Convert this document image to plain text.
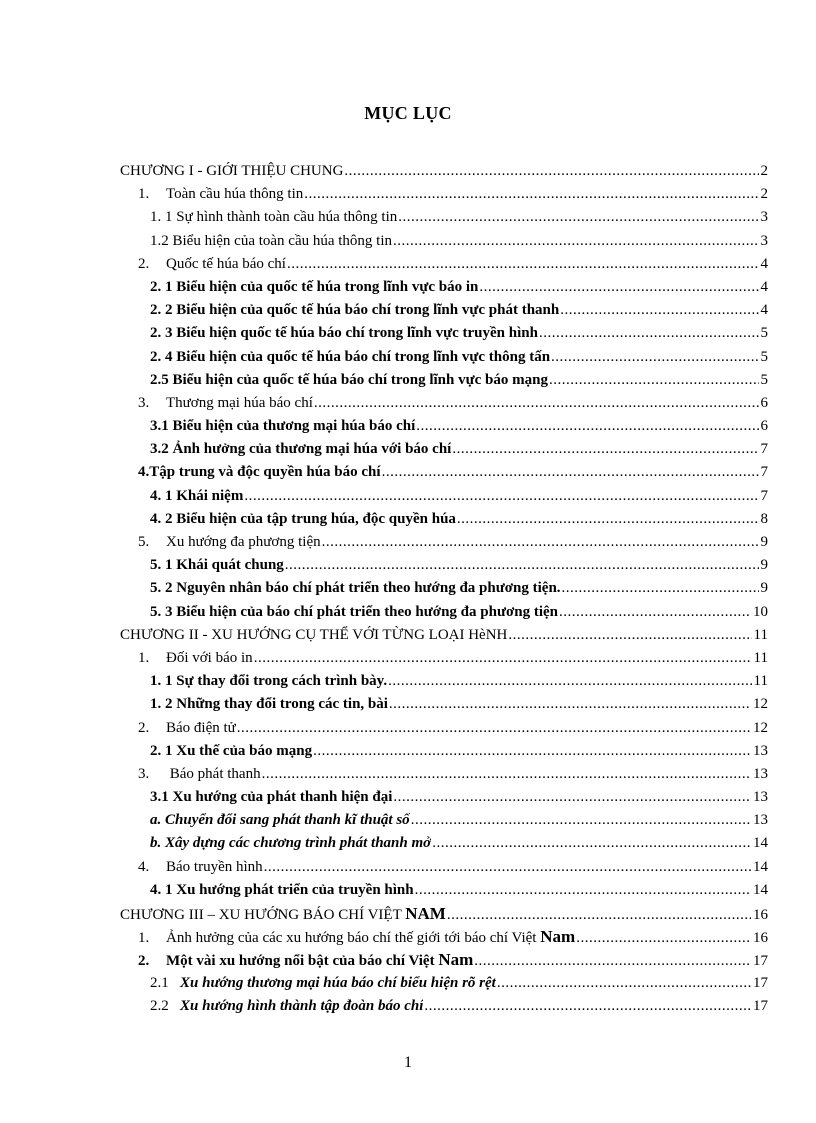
MỤC LỤC
CHƯƠNG I - GIỚI THIỆU CHUNG .....	2
1. Toàn cầu húa thông tin .....	2
1. 1 Sự hình thành toàn cầu húa thông tin .....	3
1.2 Biểu hiện của toàn cầu húa thông tin .....	3
2. Quốc tế húa báo chí .....	4
2. 1 Biểu hiện của quốc tế húa trong lĩnh vực báo in .....	4
2. 2 Biểu hiện của quốc tế húa báo chí trong lĩnh vực phát thanh .....	4
2. 3 Biểu hiện quốc tế húa báo chí trong lĩnh vực truyền hình .....	5
2. 4 Biểu hiện của quốc tế húa báo chí trong lĩnh vực thông tấn .....	5
2.5 Biểu hiện của quốc tế húa báo chí trong lĩnh vực báo mạng .....	5
3. Thương mại húa báo chí .....	6
3.1 Biểu hiện của thương mại húa báo chí .....	6
3.2 Ảnh hưởng của thương mại húa với báo chí .....	7
4.Tập trung và độc quyền húa báo chí .....	7
4. 1 Khái niệm .....	7
4. 2 Biểu hiện của tập trung húa, độc quyền húa .....	8
5. Xu hướng đa phương tiện .....	9
5. 1 Khái quát chung .....	9
5. 2 Nguyên nhân báo chí phát triển theo hướng đa phương tiện. .....	9
5. 3 Biểu hiện của báo chí phát triển theo hướng đa phương tiện .....	10
CHƯƠNG II - XU HƯỚNG CỤ THỂ VỚI TỪNG LOẠI HèNH .....	11
1. Đối với báo in .....	11
1. 1 Sự thay đổi trong cách trình bày. .....	11
1. 2 Những thay đổi trong các tin, bài .....	12
2. Báo điện tử .....	12
2. 1 Xu thế của báo mạng .....	13
3. Báo phát thanh .....	13
3.1 Xu hướng của phát thanh hiện đại .....	13
a. Chuyển đổi sang phát thanh kĩ thuật số .....	13
b. Xây dựng các chương trình phát thanh mở .....	14
4. Báo truyền hình .....	14
4. 1 Xu hướng phát triển của truyền hình .....	14
CHƯƠNG III – XU HƯỚNG BÁO CHÍ VIỆT NAM .....	16
1. Ảnh hưởng của các xu hướng báo chí thế giới tới báo chí Việt Nam .....	16
2. Một vài xu hướng nổi bật của báo chí Việt Nam .....	17
2.1 Xu hướng thương mại húa báo chí biểu hiện rõ rệt .....	17
2.2 Xu hướng hình thành tập đoàn báo chí .....	17
1
